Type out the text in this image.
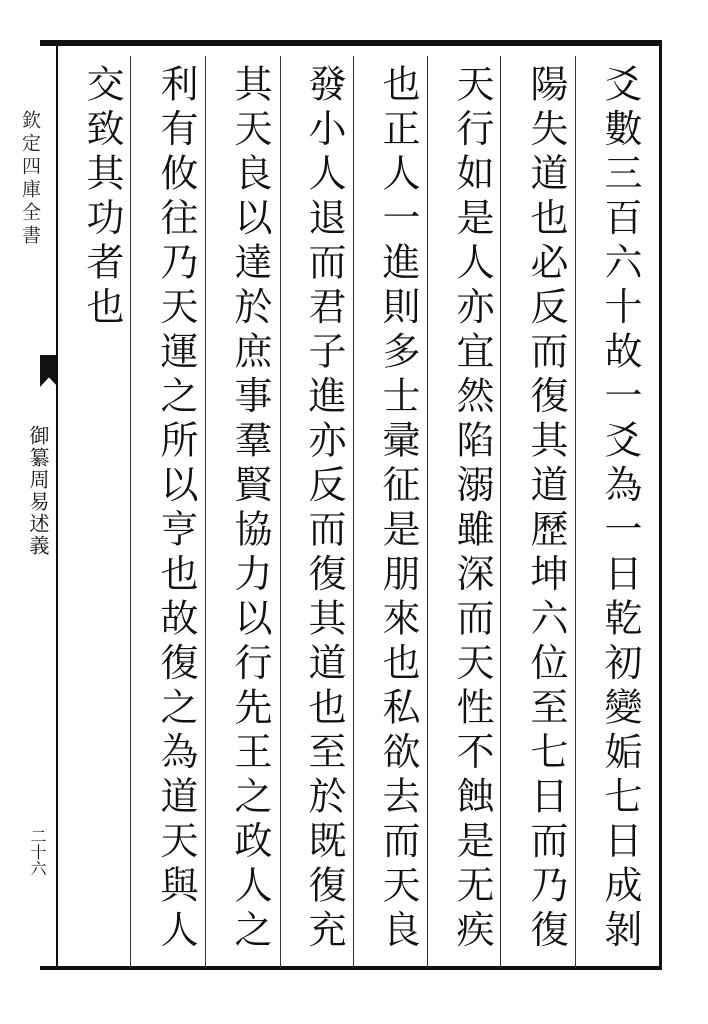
欽定四庫全書
御纂周易述義
二十六	爻數三百六十故一爻為一日乾初變姤七日成剝
陽失道也必反而復其道歷坤六位至七日而乃復
天行如是人亦宜然陷溺雖深而天性不蝕是无疾
也正人一進則多士彚征是朋來也私欲去而天良
發小人退而君子進亦反而復其道也至於既復充
其天良以達於庶事羣賢協力以行先王之政人之
利有攸往乃天運之所以亨也故復之為道天與人
交致其功者也
